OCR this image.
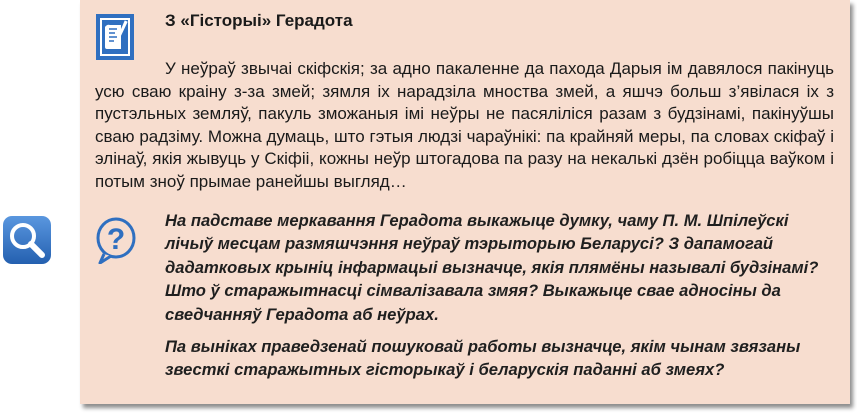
З «Гісторыі» Герадота

У неўраў звычаі скіфскія; за адно пакаленне да пахода Дарыя ім давялося пакінуць усю сваю краіну з-за змей; зямля іх нарадзіла мноства змей, а яшчэ больш з’явілася іх з пустэльных земляў, пакуль зможаныя імі неўры не пасяліліся разам з будзінамі, пакінуўшы сваю радзіму. Можна думаць, што гэтыя людзі чараўнікі: па крайняй меры, па словах скіфаў і элінаў, якія жывуць у Скіфіі, кожны неўр штогадова па разу на некалькі дзён робіцца ваўком і потым зноў прымае ранейшы выгляд…

?

На падставе меркавання Герадота выкажыце думку, чаму П. М. Шпілеўскі лічыў месцам размяшчэння неўраў тэрыторыю Беларусі? З дапамогай дадатковых крыніц інфармацыі вызначце, якія плямёны называлі будзінамі? Што ў старажытнасці сімвалізавала змяя? Выкажыце свае адносіны да сведчанняў Герадота аб неўрах.

Па выніках праведзенай пошуковай работы вызначце, якім чынам звязаны звесткі старажытных гісторыкаў і беларускія паданні аб змеях?
